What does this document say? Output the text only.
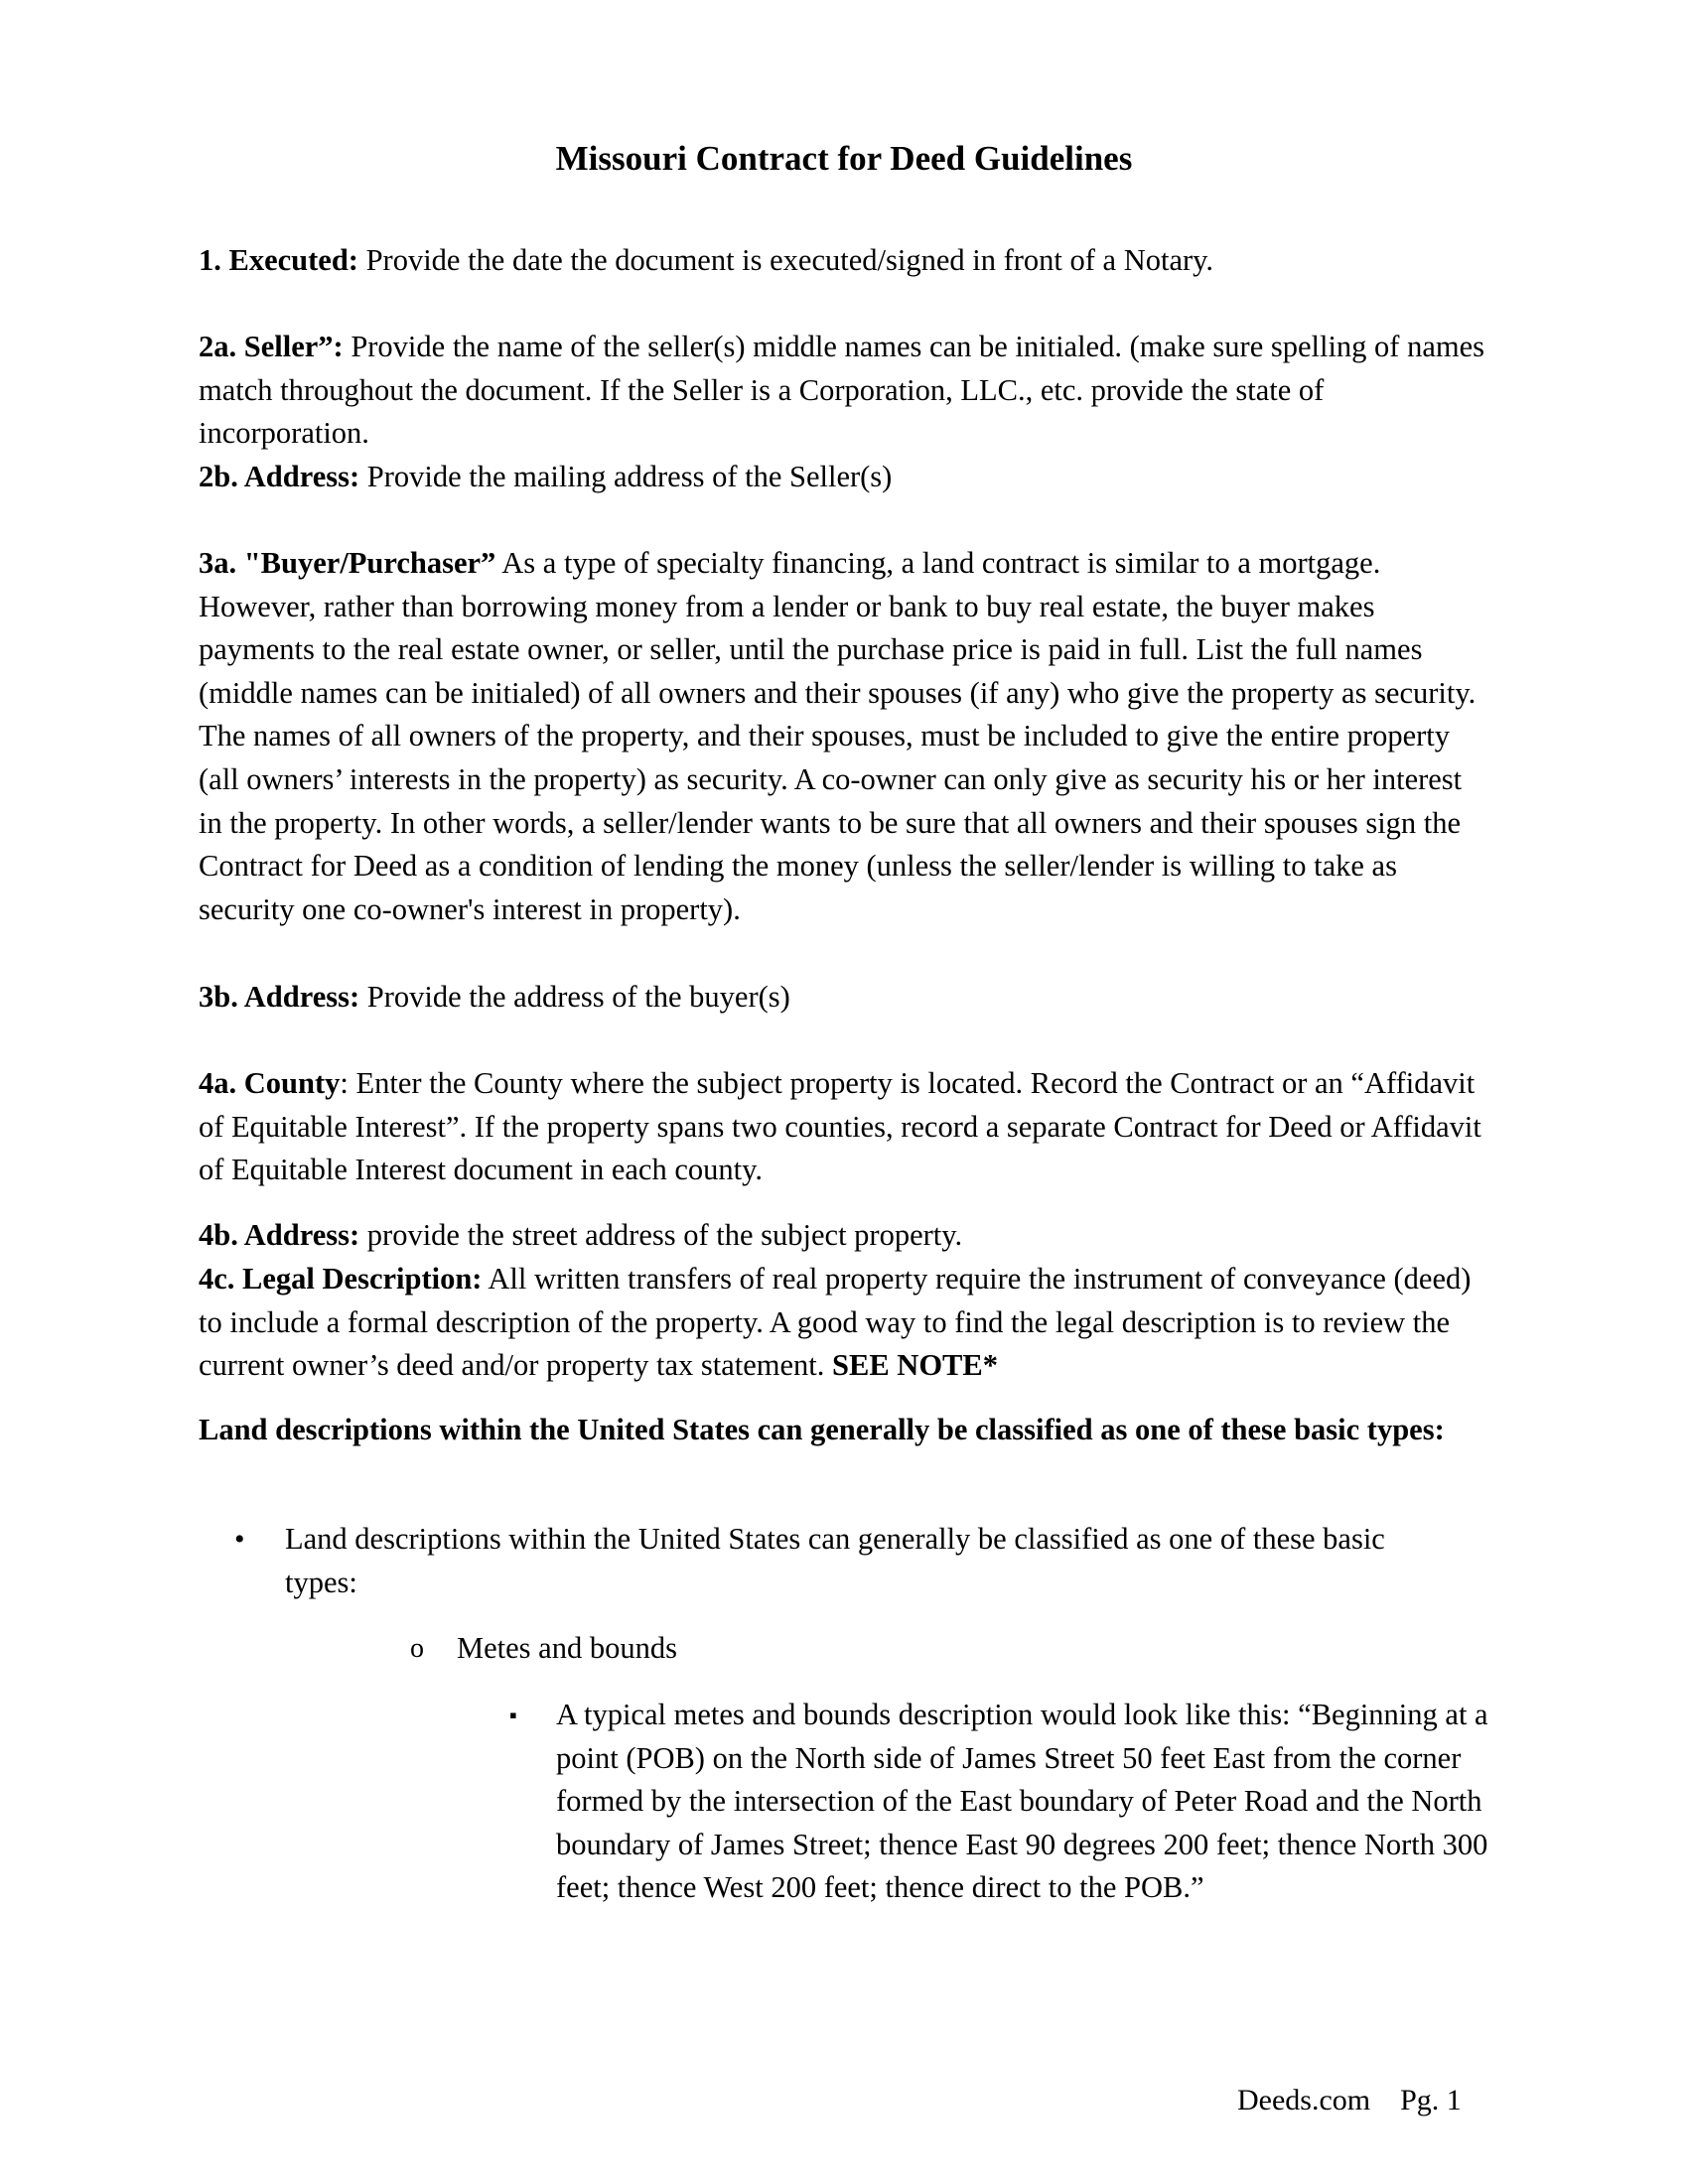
Missouri Contract for Deed Guidelines
1. Executed: Provide the date the document is executed/signed in front of a Notary.
2a. Seller”: Provide the name of the seller(s) middle names can be initialed. (make sure spelling of names match throughout the document. If the Seller is a Corporation, LLC., etc. provide the state of incorporation.
2b. Address: Provide the mailing address of the Seller(s)
3a. "Buyer/Purchaser” As a type of specialty financing, a land contract is similar to a mortgage. However, rather than borrowing money from a lender or bank to buy real estate, the buyer makes payments to the real estate owner, or seller, until the purchase price is paid in full. List the full names (middle names can be initialed) of all owners and their spouses (if any) who give the property as security. The names of all owners of the property, and their spouses, must be included to give the entire property (all owners’ interests in the property) as security. A co-owner can only give as security his or her interest in the property. In other words, a seller/lender wants to be sure that all owners and their spouses sign the Contract for Deed as a condition of lending the money (unless the seller/lender is willing to take as security one co-owner's interest in property).
3b. Address: Provide the address of the buyer(s)
4a. County: Enter the County where the subject property is located. Record the Contract or an “Affidavit of Equitable Interest”. If the property spans two counties, record a separate Contract for Deed or Affidavit of Equitable Interest document in each county.
4b. Address: provide the street address of the subject property.
4c. Legal Description: All written transfers of real property require the instrument of conveyance (deed) to include a formal description of the property. A good way to find the legal description is to review the current owner’s deed and/or property tax statement. SEE NOTE*
Land descriptions within the United States can generally be classified as one of these basic types:
• Land descriptions within the United States can generally be classified as one of these basic types:
o Metes and bounds
▪ A typical metes and bounds description would look like this: “Beginning at a point (POB) on the North side of James Street 50 feet East from the corner formed by the intersection of the East boundary of Peter Road and the North boundary of James Street; thence East 90 degrees 200 feet; thence North 300 feet; thence West 200 feet; thence direct to the POB.”
Deeds.com Pg. 1
